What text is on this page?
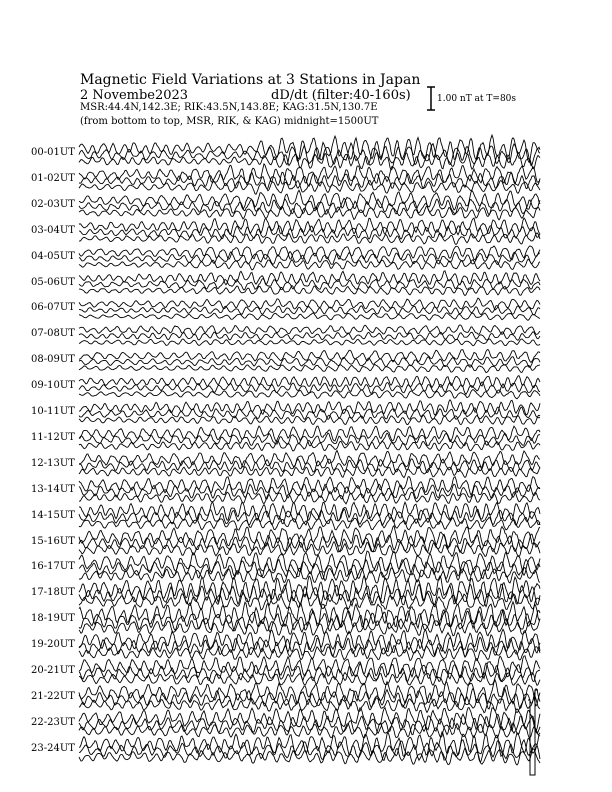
Magnetic Field Variations at 3 Stations in Japan
2 Novembe2023	dD/dt (filter:40-160s)
MSR:44.4N,142.3E; RIK:43.5N,143.8E; KAG:31.5N,130.7E
(from bottom to top, MSR, RIK, & KAG) midnight=1500UT
1.00 nT at T=80s
00-01UT
01-02UT
02-03UT
03-04UT
04-05UT
05-06UT
06-07UT
07-08UT
08-09UT
09-10UT
10-11UT
11-12UT
12-13UT
13-14UT
14-15UT
15-16UT
16-17UT
17-18UT
18-19UT
19-20UT
20-21UT
21-22UT
22-23UT
23-24UT
